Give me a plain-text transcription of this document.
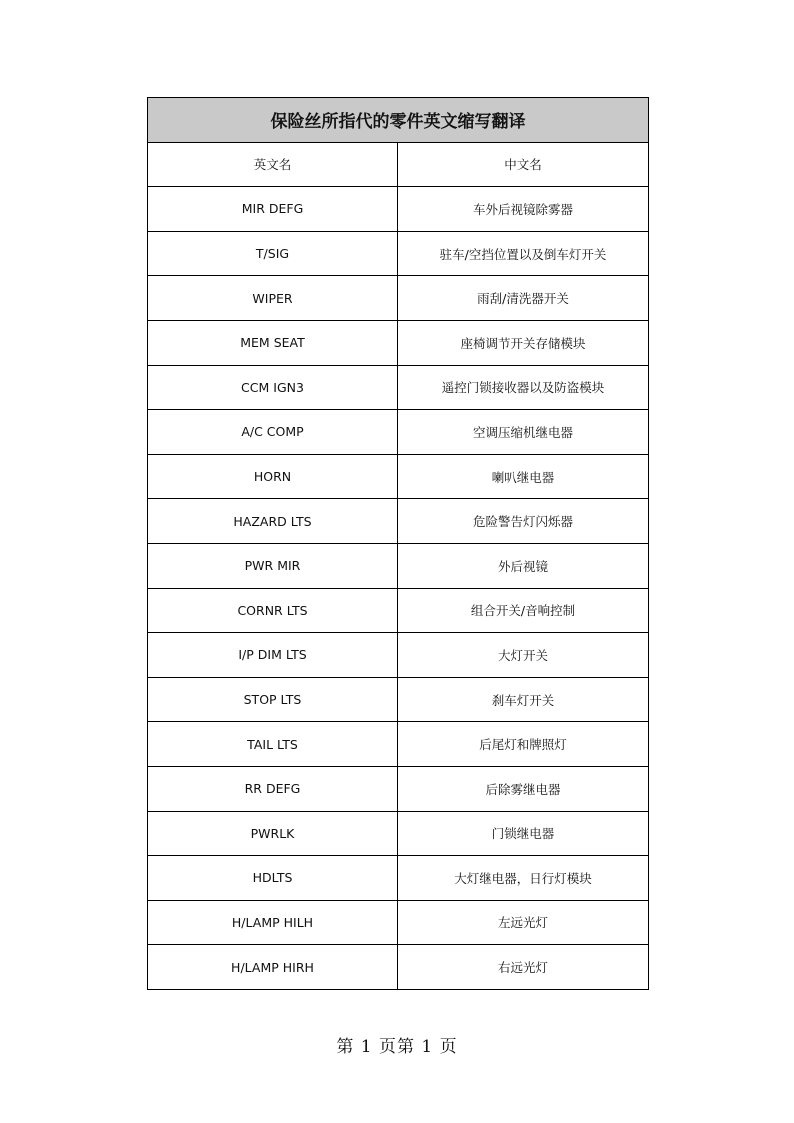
保险丝所指代的零件英文缩写翻译	
英文名	中文名
MIR DEFG	车外后视镜除雾器
T/SIG	驻车/空挡位置以及倒车灯开关
WIPER	雨刮/清洗器开关
MEM SEAT	座椅调节开关存储模块
CCM IGN3	遥控门锁接收器以及防盗模块
A/C COMP	空调压缩机继电器
HORN	喇叭继电器
HAZARD LTS	危险警告灯闪烁器
PWR MIR	外后视镜
CORNR LTS	组合开关/音响控制
I/P DIM LTS	大灯开关
STOP LTS	刹车灯开关
TAIL LTS	后尾灯和牌照灯
RR DEFG	后除雾继电器
PWRLK	门锁继电器
HDLTS	大灯继电器，日行灯模块
H/LAMP HILH	左远光灯
H/LAMP HIRH	右远光灯
第 1 页第 1 页
